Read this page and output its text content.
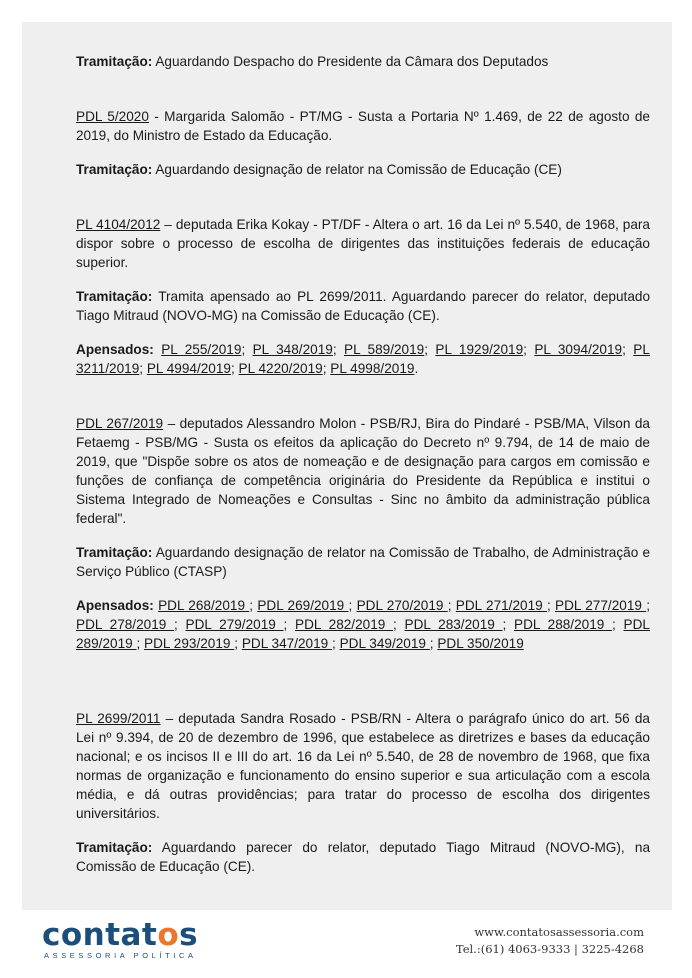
Tramitação: Aguardando Despacho do Presidente da Câmara dos Deputados

PDL 5/2020 - Margarida Salomão - PT/MG - Susta a Portaria Nº 1.469, de 22 de agosto de 2019, do Ministro de Estado da Educação.

Tramitação: Aguardando designação de relator na Comissão de Educação (CE)

PL 4104/2012 – deputada Erika Kokay - PT/DF - Altera o art. 16 da Lei nº 5.540, de 1968, para dispor sobre o processo de escolha de dirigentes das instituições federais de educação superior.

Tramitação: Tramita apensado ao PL 2699/2011. Aguardando parecer do relator, deputado Tiago Mitraud (NOVO-MG) na Comissão de Educação (CE).

Apensados: PL 255/2019; PL 348/2019; PL 589/2019; PL 1929/2019; PL 3094/2019; PL 3211/2019; PL 4994/2019; PL 4220/2019; PL 4998/2019.

PDL 267/2019 – deputados Alessandro Molon - PSB/RJ, Bira do Pindaré - PSB/MA, Vilson da Fetaemg - PSB/MG - Susta os efeitos da aplicação do Decreto nº 9.794, de 14 de maio de 2019, que "Dispõe sobre os atos de nomeação e de designação para cargos em comissão e funções de confiança de competência originária do Presidente da República e institui o Sistema Integrado de Nomeações e Consultas - Sinc no âmbito da administração pública federal".

Tramitação: Aguardando designação de relator na Comissão de Trabalho, de Administração e Serviço Público (CTASP)

Apensados: PDL 268/2019 ; PDL 269/2019 ; PDL 270/2019 ; PDL 271/2019 ; PDL 277/2019 ; PDL 278/2019 ; PDL 279/2019 ; PDL 282/2019 ; PDL 283/2019 ; PDL 288/2019 ; PDL 289/2019 ; PDL 293/2019 ; PDL 347/2019 ; PDL 349/2019 ; PDL 350/2019

PL 2699/2011 – deputada Sandra Rosado - PSB/RN - Altera o parágrafo único do art. 56 da Lei nº 9.394, de 20 de dezembro de 1996, que estabelece as diretrizes e bases da educação nacional; e os incisos II e III do art. 16 da Lei nº 5.540, de 28 de novembro de 1968, que fixa normas de organização e funcionamento do ensino superior e sua articulação com a escola média, e dá outras providências; para tratar do processo de escolha dos dirigentes universitários.

Tramitação: Aguardando parecer do relator, deputado Tiago Mitraud (NOVO-MG), na Comissão de Educação (CE).

contatos
ASSESSORIA POLÍTICA
www.contatosassessoria.com
Tel.:(61) 4063-9333 | 3225-4268
